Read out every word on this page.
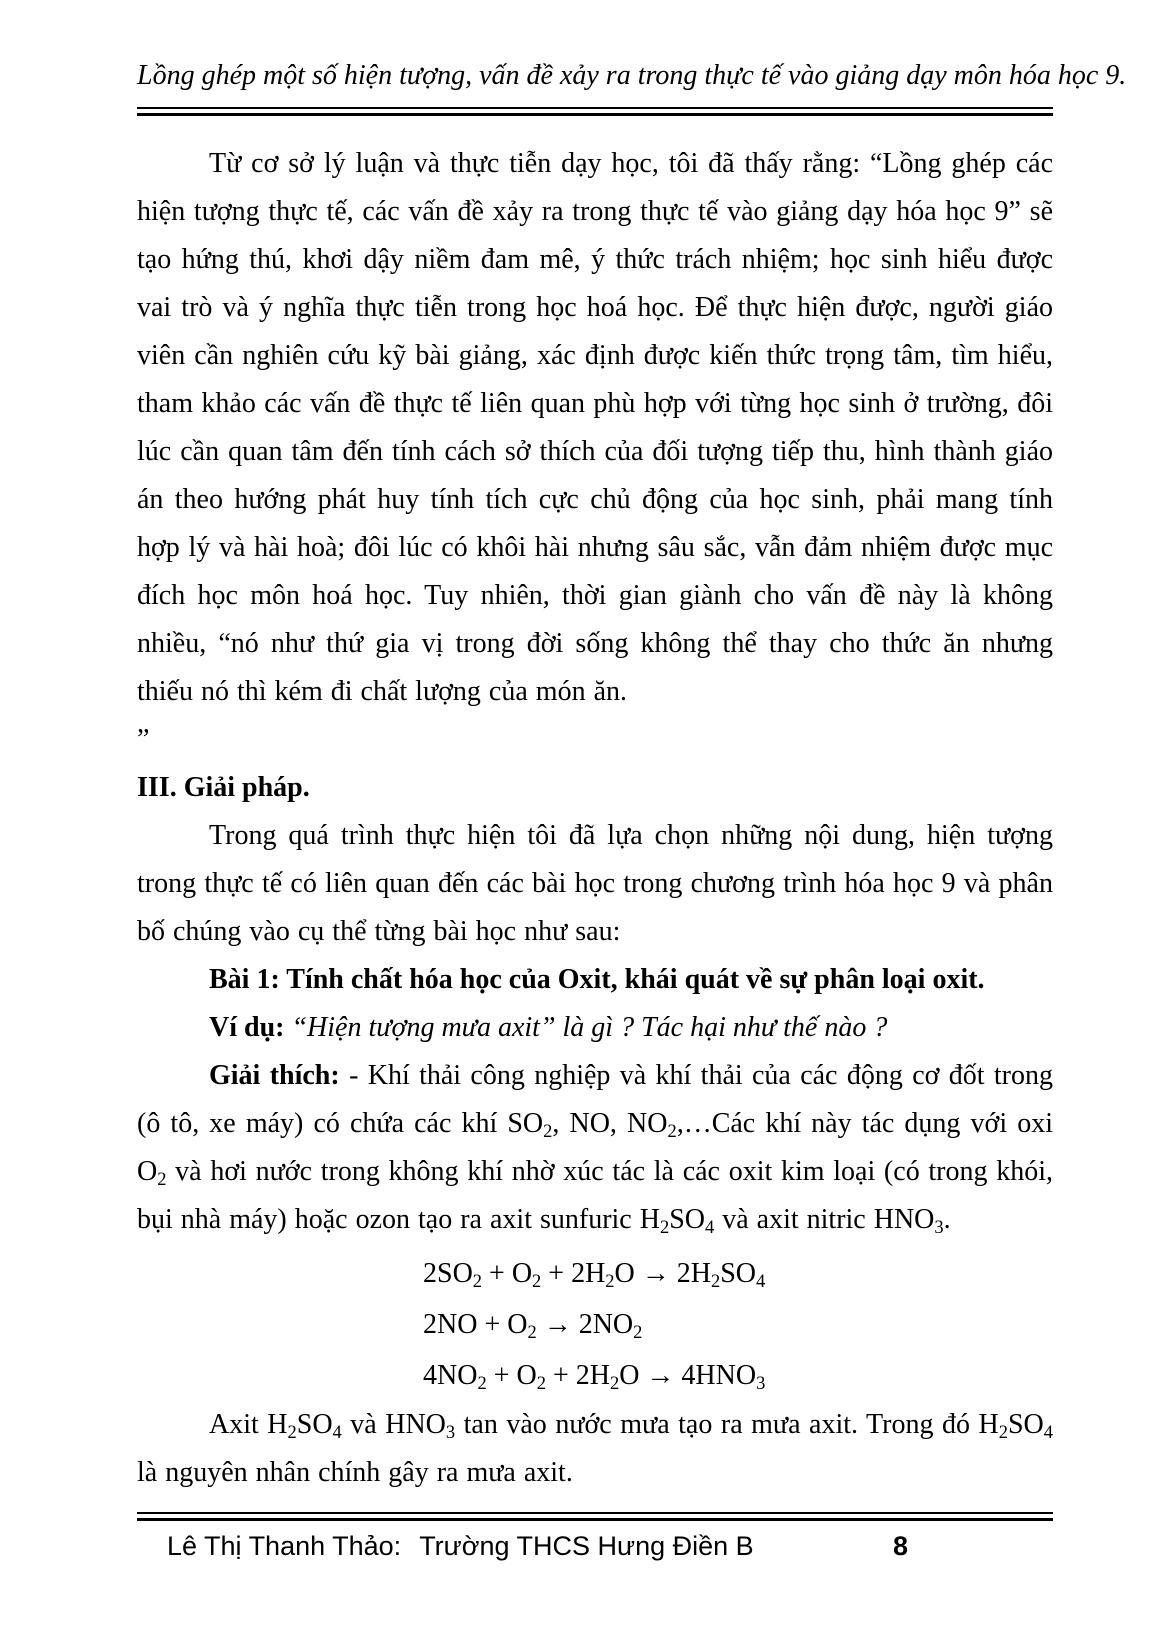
Lồng ghép một số hiện tượng, vấn đề xảy ra trong thực tế vào giảng dạy môn hóa học 9.

Từ cơ sở lý luận và thực tiễn dạy học, tôi đã thấy rằng: “Lồng ghép các hiện tượng thực tế, các vấn đề xảy ra trong thực tế vào giảng dạy hóa học 9” sẽ tạo hứng thú, khơi dậy niềm đam mê, ý thức trách nhiệm; học sinh hiểu được vai trò và ý nghĩa thực tiễn trong học hoá học. Để thực hiện được, người giáo viên cần nghiên cứu kỹ bài giảng, xác định được kiến thức trọng tâm, tìm hiểu, tham khảo các vấn đề thực tế liên quan phù hợp với từng học sinh ở trường, đôi lúc cần quan tâm đến tính cách sở thích của đối tượng tiếp thu, hình thành giáo án theo hướng phát huy tính tích cực chủ động của học sinh, phải mang tính hợp lý và hài hoà; đôi lúc có khôi hài nhưng sâu sắc, vẫn đảm nhiệm được mục đích học môn hoá học. Tuy nhiên, thời gian giành cho vấn đề này là không nhiều, “nó như thứ gia vị trong đời sống không thể thay cho thức ăn nhưng thiếu nó thì kém đi chất lượng của món ăn.

”

III. Giải pháp.

Trong quá trình thực hiện tôi đã lựa chọn những nội dung, hiện tượng trong thực tế có liên quan đến các bài học trong chương trình hóa học 9 và phân bố chúng vào cụ thể từng bài học như sau:

Bài 1: Tính chất hóa học của Oxit, khái quát về sự phân loại oxit.

Ví dụ: “Hiện tượng mưa axit” là gì ? Tác hại như thế nào ?

Giải thích: - Khí thải công nghiệp và khí thải của các động cơ đốt trong (ô tô, xe máy) có chứa các khí $SO_2$, NO, $NO_2,\dots Các$ khí này tác dụng với oxi $O_2$ và hơi nước trong không khí nhờ xúc tác là các oxit kim loại (có trong khói, bụi nhà máy) hoặc ozon tạo ra axit sunfuric $H_2SO_4$ và axit nitric $HNO_3$.

$2SO_2 + O_2 + 2H_2O \to 2H_2SO_4$
$2NO + O_2 \to 2NO_2$
$4NO_2 + O_2 + 2H_2O \to 4HNO_3$

Axit $H_2SO_4$ và $HNO_3$ tan vào nước mưa tạo ra mưa axit. Trong đó $H_2SO_4$ là nguyên nhân chính gây ra mưa axit.

Lê Thị Thanh Thảo: Trường THCS Hưng Điền B	8
